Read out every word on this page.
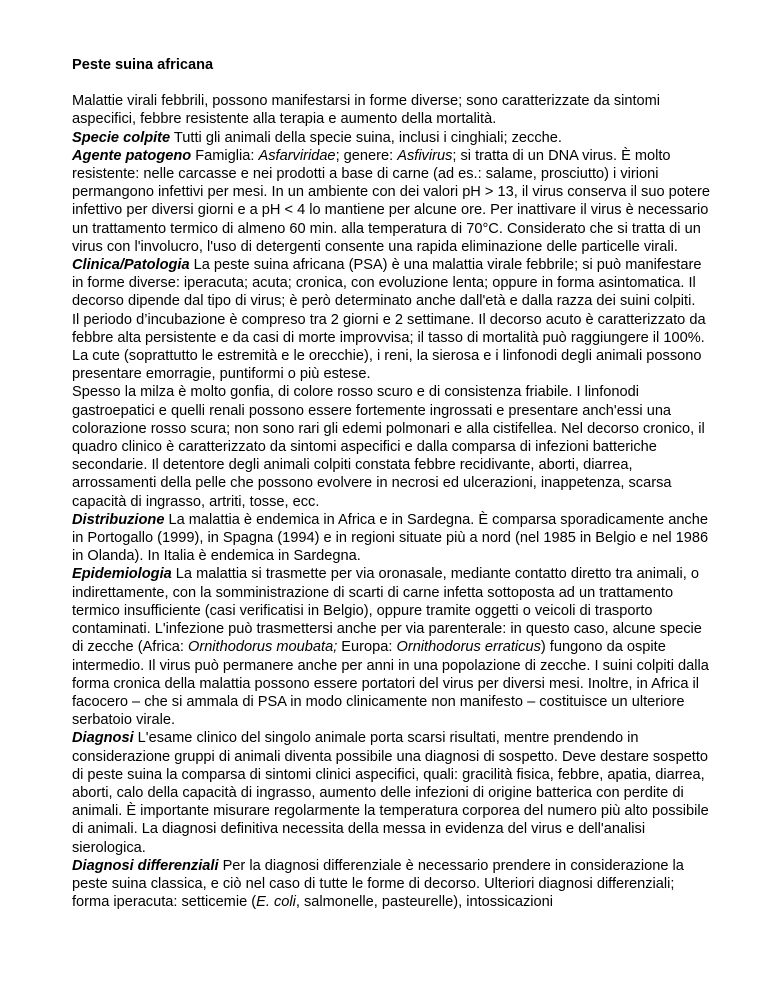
Peste suina africana

Malattie virali febbrili, possono manifestarsi in forme diverse; sono caratterizzate da sintomi aspecifici, febbre resistente alla terapia e aumento della mortalità.

Specie colpite Tutti gli animali della specie suina, inclusi i cinghiali; zecche.

Agente patogeno Famiglia: Asfarviridae; genere: Asfivirus; si tratta di un DNA virus. È molto resistente: nelle carcasse e nei prodotti a base di carne (ad es.: salame, prosciutto) i virioni permangono infettivi per mesi. In un ambiente con dei valori pH > 13, il virus conserva il suo potere infettivo per diversi giorni e a pH < 4 lo mantiene per alcune ore. Per inattivare il virus è necessario un trattamento termico di almeno 60 min. alla temperatura di 70°C. Considerato che si tratta di un virus con l'involucro, l'uso di detergenti consente una rapida eliminazione delle particelle virali.

Clinica/Patologia La peste suina africana (PSA) è una malattia virale febbrile; si può manifestare in forme diverse: iperacuta; acuta; cronica, con evoluzione lenta; oppure in forma asintomatica. Il decorso dipende dal tipo di virus; è però determinato anche dall'età e dalla razza dei suini colpiti.

Il periodo d’incubazione è compreso tra 2 giorni e 2 settimane. Il decorso acuto è caratterizzato da febbre alta persistente e da casi di morte improvvisa; il tasso di mortalità può raggiungere il 100%. La cute (soprattutto le estremità e le orecchie), i reni, la sierosa e i linfonodi degli animali possono presentare emorragie, puntiformi o più estese.

Spesso la milza è molto gonfia, di colore rosso scuro e di consistenza friabile. I linfonodi gastroepatici e quelli renali possono essere fortemente ingrossati e presentare anch'essi una colorazione rosso scura; non sono rari gli edemi polmonari e alla cistifellea. Nel decorso cronico, il quadro clinico è caratterizzato da sintomi aspecifici e dalla comparsa di infezioni batteriche secondarie. Il detentore degli animali colpiti constata febbre recidivante, aborti, diarrea, arrossamenti della pelle che possono evolvere in necrosi ed ulcerazioni, inappetenza, scarsa capacità di ingrasso, artriti, tosse, ecc.

Distribuzione La malattia è endemica in Africa e in Sardegna. È comparsa sporadicamente anche in Portogallo (1999), in Spagna (1994) e in regioni situate più a nord (nel 1985 in Belgio e nel 1986 in Olanda). In Italia è endemica in Sardegna.

Epidemiologia La malattia si trasmette per via oronasale, mediante contatto diretto tra animali, o indirettamente, con la somministrazione di scarti di carne infetta sottoposta ad un trattamento termico insufficiente (casi verificatisi in Belgio), oppure tramite oggetti o veicoli di trasporto contaminati. L'infezione può trasmettersi anche per via parenterale: in questo caso, alcune specie di zecche (Africa: Ornithodorus moubata; Europa: Ornithodorus erraticus) fungono da ospite intermedio. Il virus può permanere anche per anni in una popolazione di zecche. I suini colpiti dalla forma cronica della malattia possono essere portatori del virus per diversi mesi. Inoltre, in Africa il facocero – che si ammala di PSA in modo clinicamente non manifesto – costituisce un ulteriore serbatoio virale.

Diagnosi L'esame clinico del singolo animale porta scarsi risultati, mentre prendendo in considerazione gruppi di animali diventa possibile una diagnosi di sospetto. Deve destare sospetto di peste suina la comparsa di sintomi clinici aspecifici, quali: gracilità fisica, febbre, apatia, diarrea, aborti, calo della capacità di ingrasso, aumento delle infezioni di origine batterica con perdite di animali. È importante misurare regolarmente la temperatura corporea del numero più alto possibile di animali. La diagnosi definitiva necessita della messa in evidenza del virus e dell'analisi sierologica.

Diagnosi differenziali Per la diagnosi differenziale è necessario prendere in considerazione la peste suina classica, e ciò nel caso di tutte le forme di decorso. Ulteriori diagnosi differenziali; forma iperacuta: setticemie (E. coli, salmonelle, pasteurelle), intossicazioni
